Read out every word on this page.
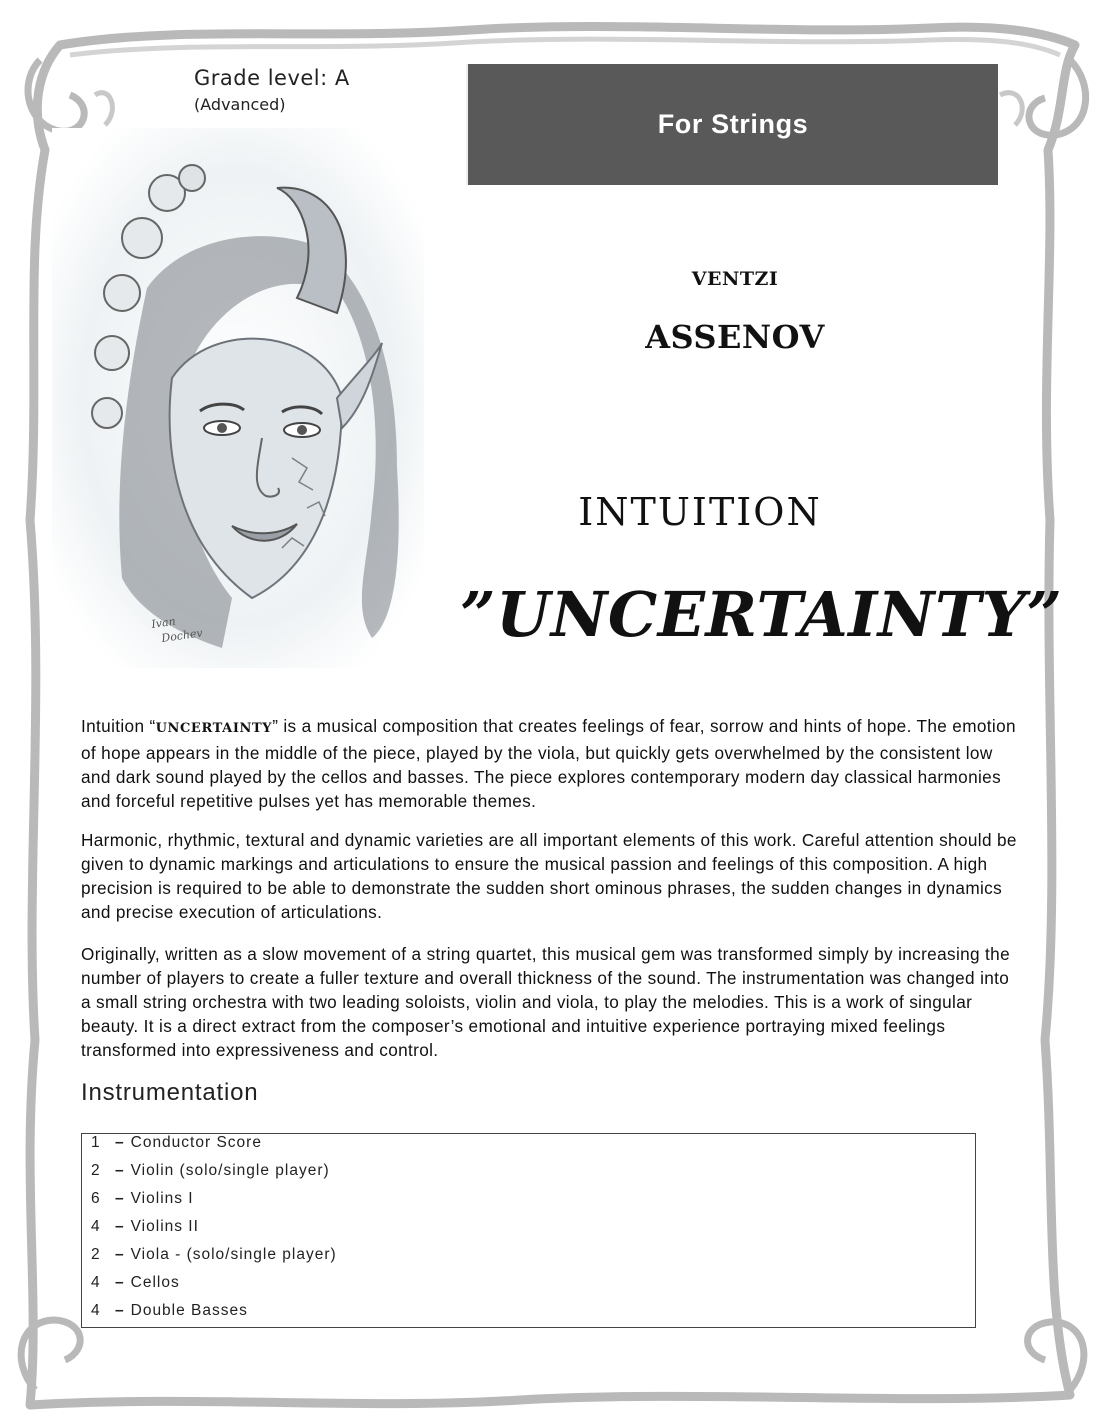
Grade level: A
(Advanced)
For Strings
Ivan
Dochev
VENTZI
ASSENOV
INTUITION
”UNCERTAINTY”

Intuition “UNCERTAINTY” is a musical composition that creates feelings of fear, sorrow and hints of hope. The emotion of hope appears in the middle of the piece, played by the viola, but quickly gets overwhelmed by the consistent low and dark sound played by the cellos and basses. The piece explores contemporary modern day classical harmonies and forceful repetitive pulses yet has memorable themes.

Harmonic, rhythmic, textural and dynamic varieties are all important elements of this work. Careful attention should be given to dynamic markings and articulations to ensure the musical passion and feelings of this composition. A high precision is required to be able to demonstrate the sudden short ominous phrases, the sudden changes in dynamics and precise execution of articulations.

Originally, written as a slow movement of a string quartet, this musical gem was transformed simply by increasing the number of players to create a fuller texture and overall thickness of the sound. The instrumentation was changed into a small string orchestra with two leading soloists, violin and viola, to play the melodies. This is a work of singular beauty. It is a direct extract from the composer’s emotional and intuitive experience portraying mixed feelings transformed into expressiveness and control.

Instrumentation
1 – Conductor Score
2 – Violin (solo/single player)
6 – Violins I
4 – Violins II
2 – Viola - (solo/single player)
4 – Cellos
4 – Double Basses
